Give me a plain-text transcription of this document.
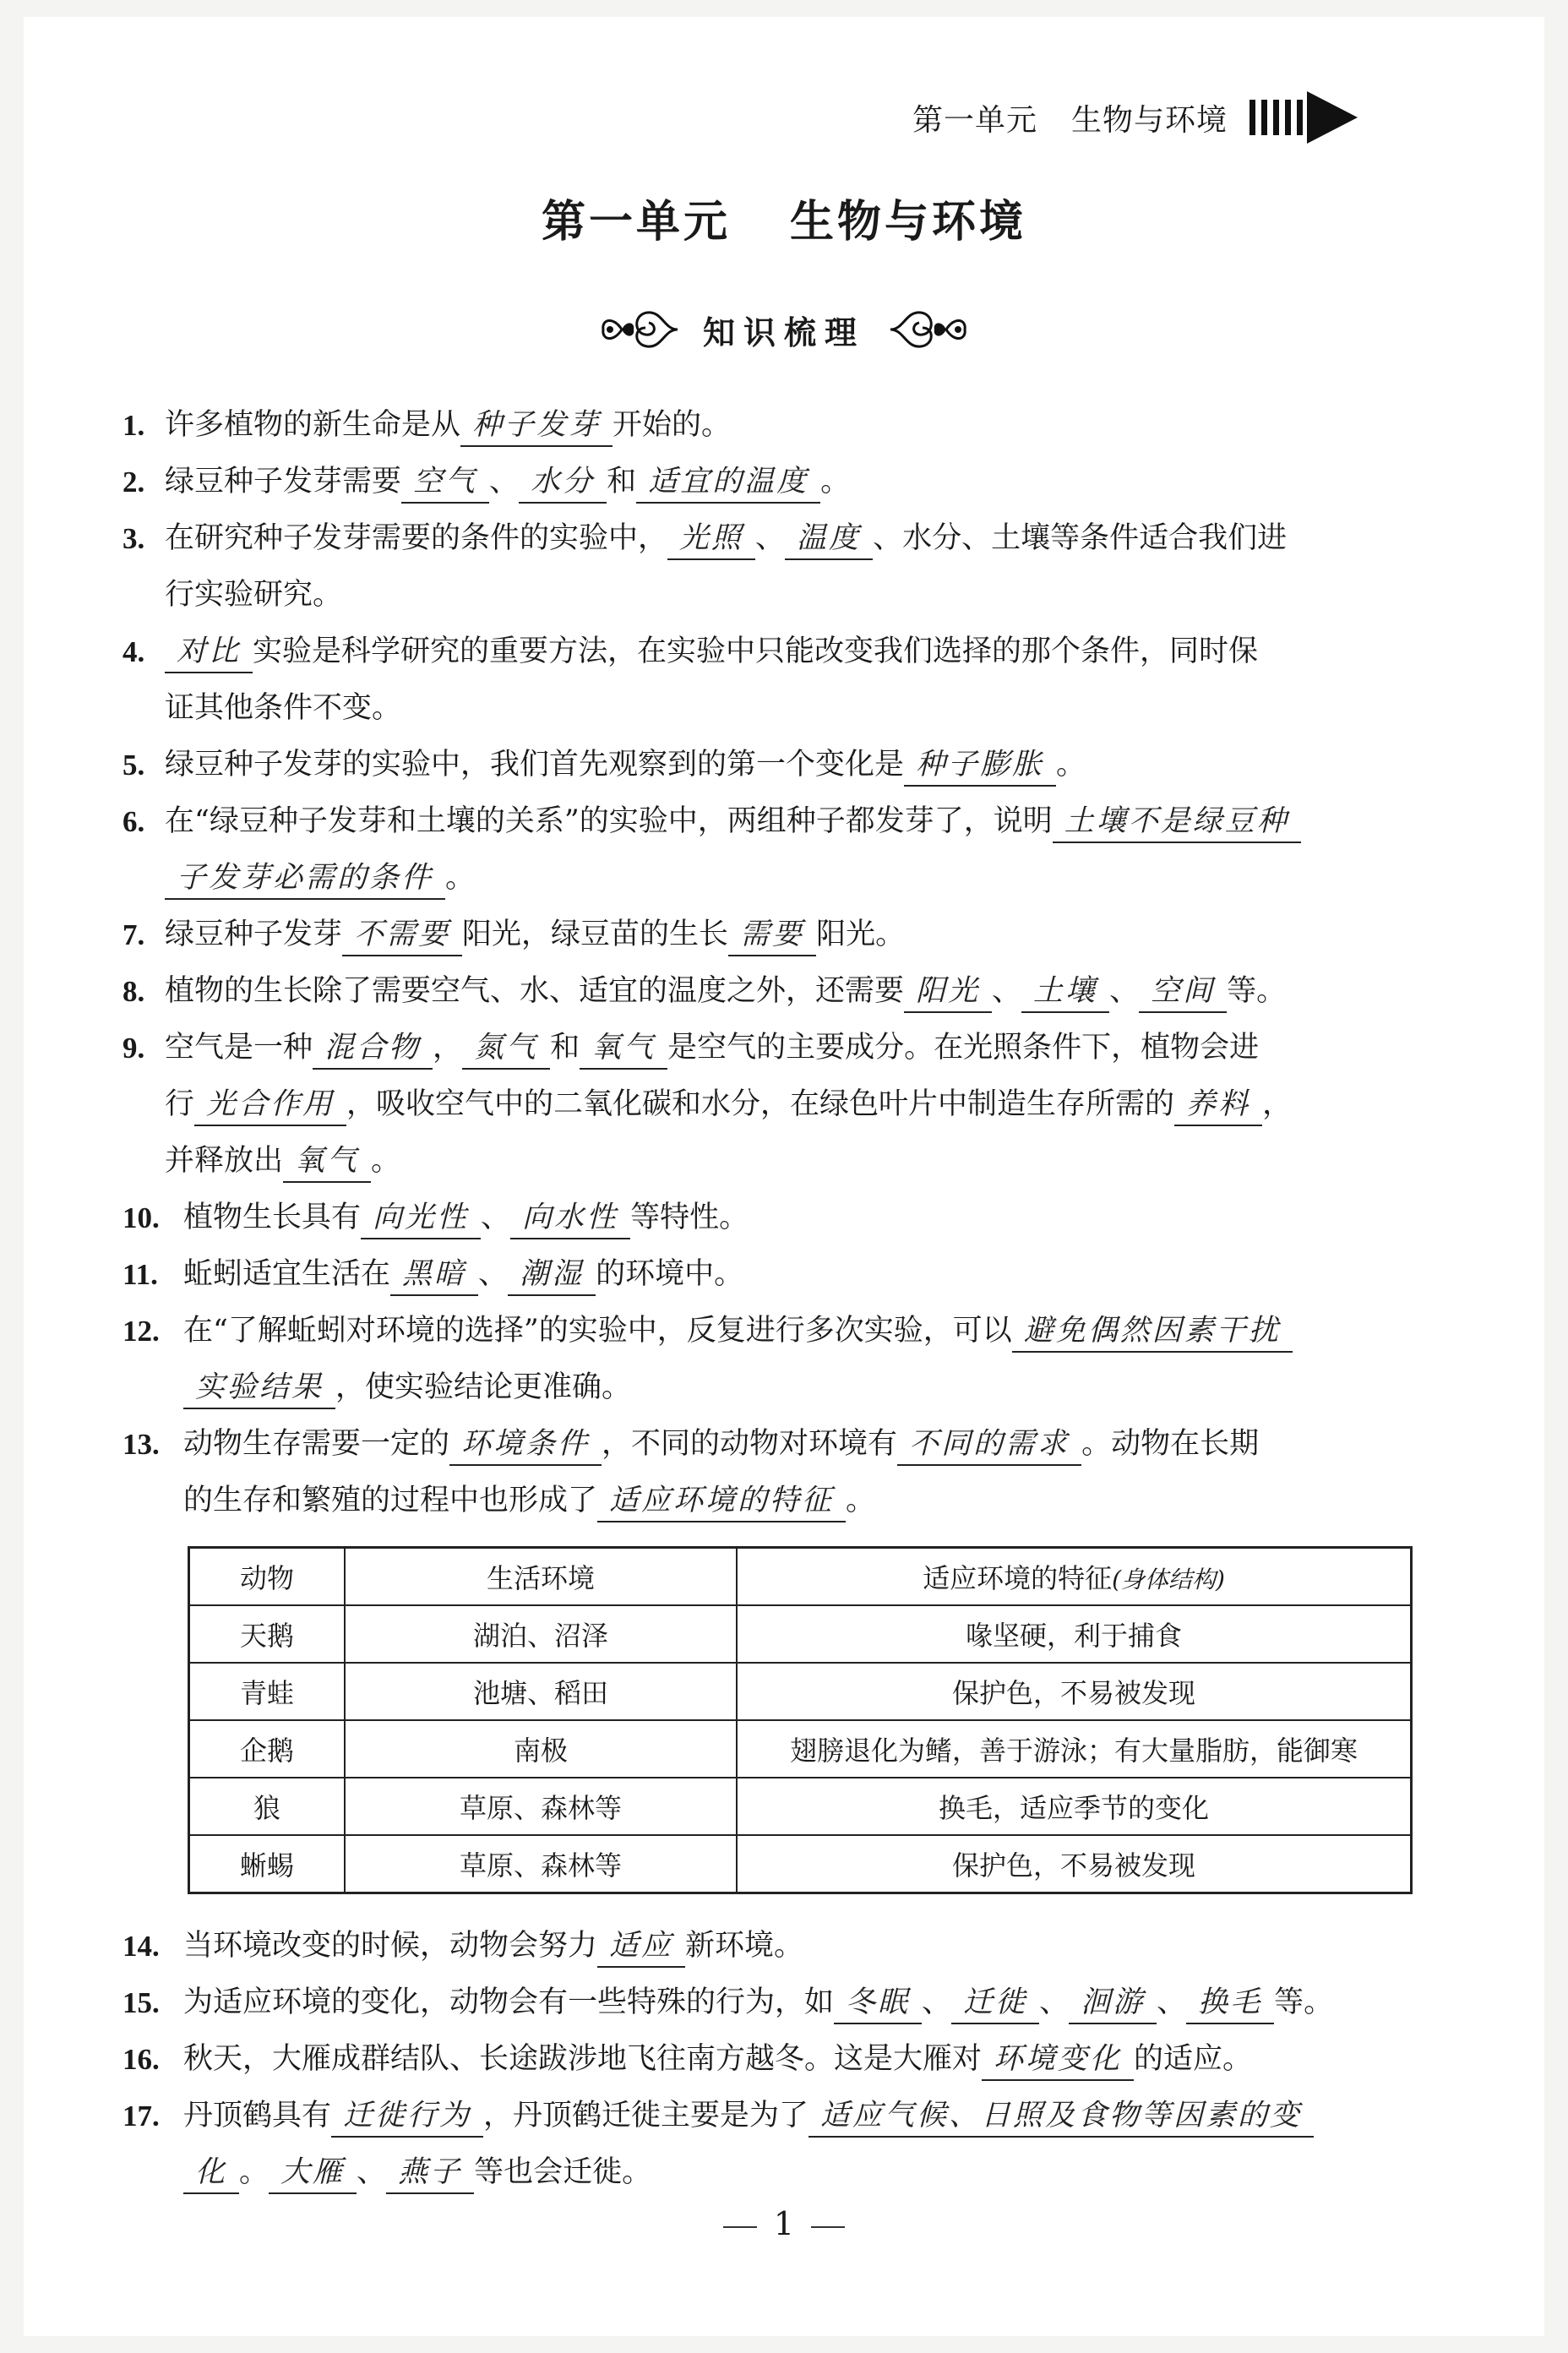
第一单元 生物与环境
第一单元 生物与环境
知识梳理
1. 许多植物的新生命是从 种子发芽 开始的。
2. 绿豆种子发芽需要 空气 、 水分 和 适宜的温度 。
3. 在研究种子发芽需要的条件的实验中， 光照 、 温度 、水分、土壤等条件适合我们进
行实验研究。
4. 对比 实验是科学研究的重要方法，在实验中只能改变我们选择的那个条件，同时保
证其他条件不变。
5. 绿豆种子发芽的实验中，我们首先观察到的第一个变化是 种子膨胀 。
6. 在“绿豆种子发芽和土壤的关系”的实验中，两组种子都发芽了，说明 土壤不是绿豆种
子发芽必需的条件 。
7. 绿豆种子发芽 不需要 阳光，绿豆苗的生长 需要 阳光。
8. 植物的生长除了需要空气、水、适宜的温度之外，还需要 阳光 、 土壤 、 空间 等。
9. 空气是一种 混合物 ， 氮气 和 氧气 是空气的主要成分。在光照条件下，植物会进
行 光合作用 ，吸收空气中的二氧化碳和水分，在绿色叶片中制造生存所需的 养料 ，
并释放出 氧气 。
10. 植物生长具有 向光性 、 向水性 等特性。
11. 蚯蚓适宜生活在 黑暗 、 潮湿 的环境中。
12. 在“了解蚯蚓对环境的选择”的实验中，反复进行多次实验，可以 避免偶然因素干扰
实验结果 ，使实验结论更准确。
13. 动物生存需要一定的 环境条件 ，不同的动物对环境有 不同的需求 。动物在长期
的生存和繁殖的过程中也形成了 适应环境的特征 。
动物	生活环境	适应环境的特征(身体结构)
天鹅	湖泊、沼泽	喙坚硬，利于捕食
青蛙	池塘、稻田	保护色，不易被发现
企鹅	南极	翅膀退化为鳍，善于游泳；有大量脂肪，能御寒
狼	草原、森林等	换毛，适应季节的变化
蜥蜴	草原、森林等	保护色，不易被发现
14. 当环境改变的时候，动物会努力 适应 新环境。
15. 为适应环境的变化，动物会有一些特殊的行为，如 冬眠 、 迁徙 、 洄游 、 换毛 等。
16. 秋天，大雁成群结队、长途跋涉地飞往南方越冬。这是大雁对 环境变化 的适应。
17. 丹顶鹤具有 迁徙行为 ，丹顶鹤迁徙主要是为了 适应气候、日照及食物等因素的变
化 。 大雁 、 燕子 等也会迁徙。
1
